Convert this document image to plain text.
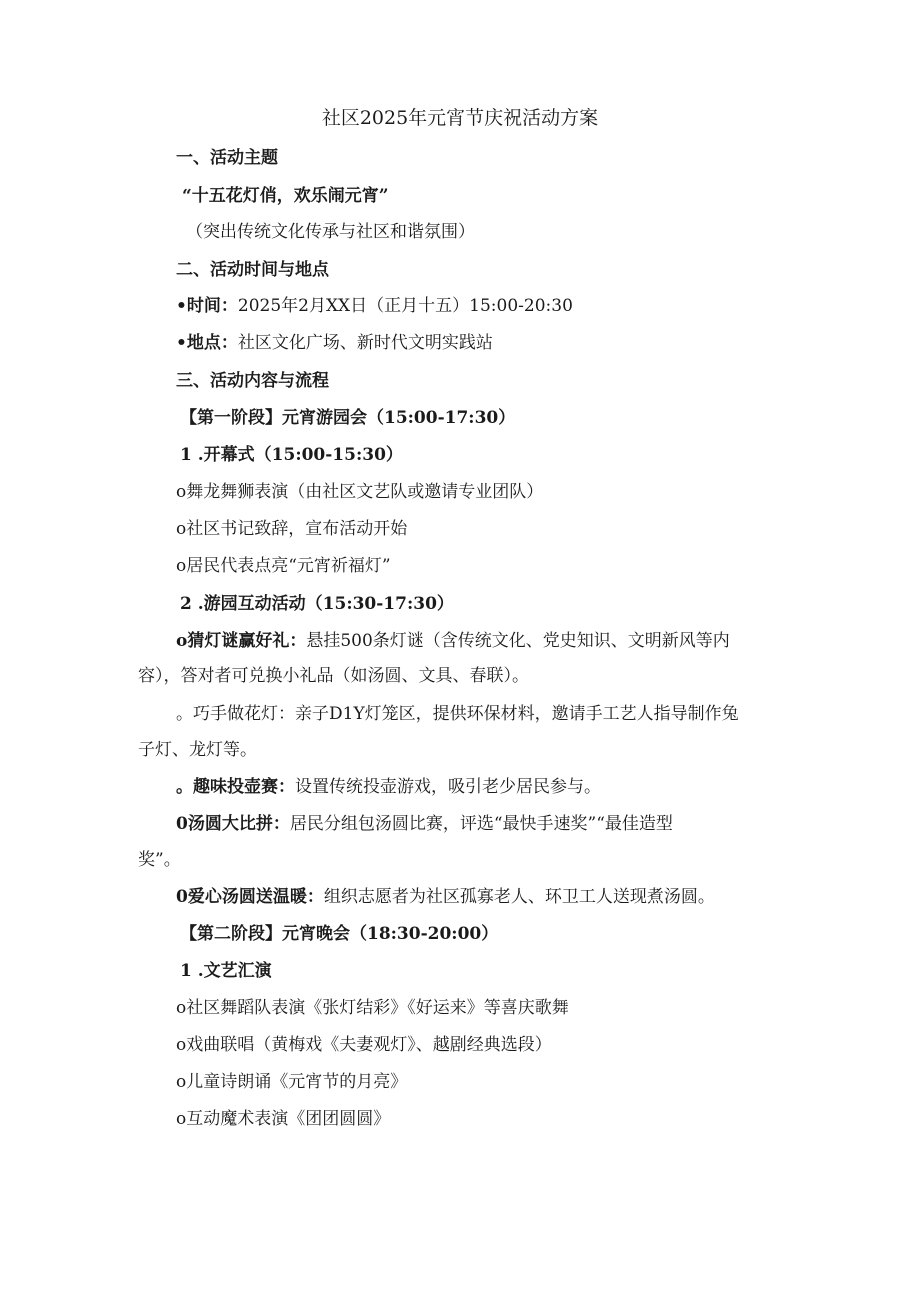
社区2025年元宵节庆祝活动方案
一、活动主题
“十五花灯俏，欢乐闹元宵”
（突出传统文化传承与社区和谐氛围）
二、活动时间与地点
•时间：2025年2月XX日（正月十五）15:00-20:30
•地点：社区文化广场、新时代文明实践站
三、活动内容与流程
【第一阶段】元宵游园会（15:00-17:30）
1 .开幕式（15:00-15:30）
o舞龙舞狮表演（由社区文艺队或邀请专业团队）
o社区书记致辞，宣布活动开始
o居民代表点亮“元宵祈福灯”
2 .游园互动活动（15:30-17:30）
o猜灯谜赢好礼：悬挂500条灯谜（含传统文化、党史知识、文明新风等内
容），答对者可兑换小礼品（如汤圆、文具、春联）。
。巧手做花灯：亲子D1Y灯笼区，提供环保材料，邀请手工艺人指导制作兔
子灯、龙灯等。
。趣味投壶赛：设置传统投壶游戏，吸引老少居民参与。
0汤圆大比拼：居民分组包汤圆比赛，评选“最快手速奖”“最佳造型
奖”。
0爱心汤圆送温暖：组织志愿者为社区孤寡老人、环卫工人送现煮汤圆。
【第二阶段】元宵晚会（18:30-20:00）
1 .文艺汇演
o社区舞蹈队表演《张灯结彩》《好运来》等喜庆歌舞
o戏曲联唱（黄梅戏《夫妻观灯》、越剧经典选段）
o儿童诗朗诵《元宵节的月亮》
o互动魔术表演《团团圆圆》
